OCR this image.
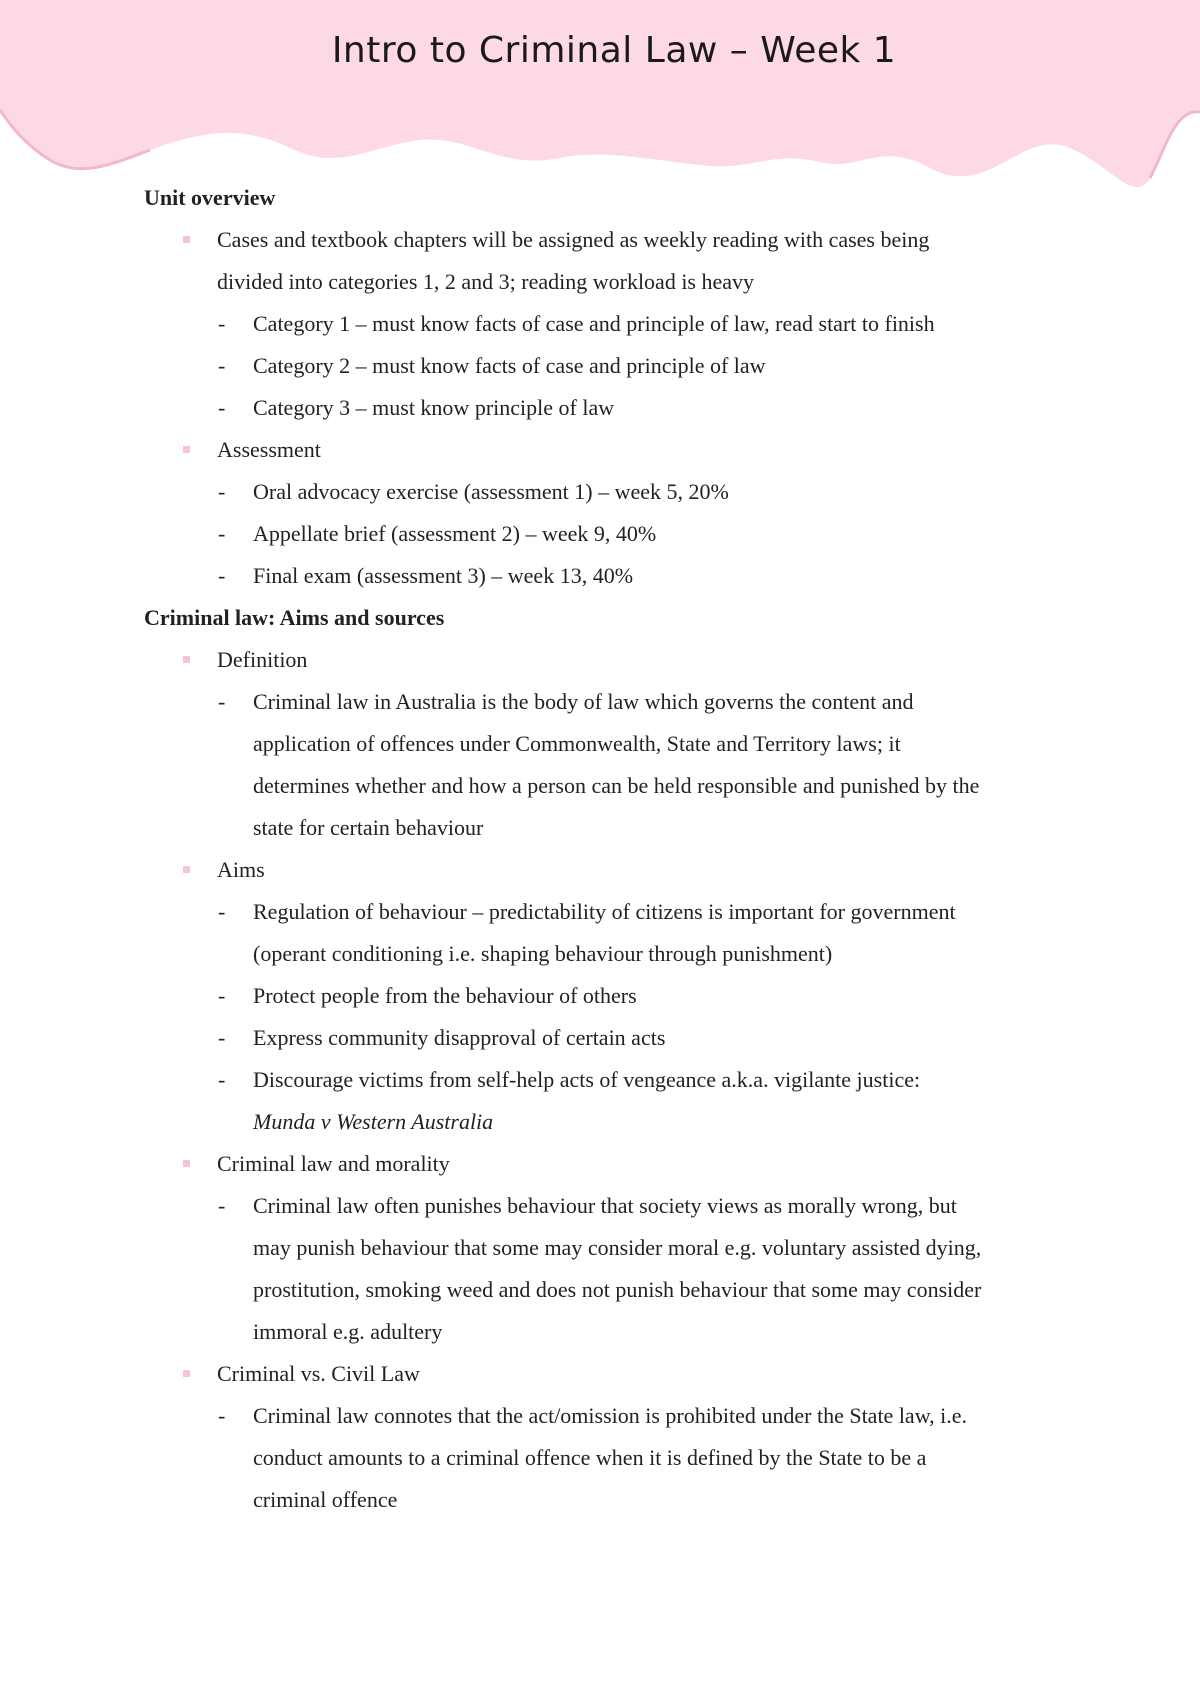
Intro to Criminal Law – Week 1

Unit overview

Cases and textbook chapters will be assigned as weekly reading with cases being

divided into categories 1, 2 and 3; reading workload is heavy

- Category 1 – must know facts of case and principle of law, read start to finish

- Category 2 – must know facts of case and principle of law

- Category 3 – must know principle of law

Assessment

- Oral advocacy exercise (assessment 1) – week 5, 20%

- Appellate brief (assessment 2) – week 9, 40%

- Final exam (assessment 3) – week 13, 40%

Criminal law: Aims and sources

Definition

- Criminal law in Australia is the body of law which governs the content and

application of offences under Commonwealth, State and Territory laws; it

determines whether and how a person can be held responsible and punished by the

state for certain behaviour

Aims

- Regulation of behaviour – predictability of citizens is important for government

(operant conditioning i.e. shaping behaviour through punishment)

- Protect people from the behaviour of others

- Express community disapproval of certain acts

- Discourage victims from self-help acts of vengeance a.k.a. vigilante justice:

Munda v Western Australia

Criminal law and morality

- Criminal law often punishes behaviour that society views as morally wrong, but

may punish behaviour that some may consider moral e.g. voluntary assisted dying,

prostitution, smoking weed and does not punish behaviour that some may consider

immoral e.g. adultery

Criminal vs. Civil Law

- Criminal law connotes that the act/omission is prohibited under the State law, i.e.

conduct amounts to a criminal offence when it is defined by the State to be a

criminal offence
